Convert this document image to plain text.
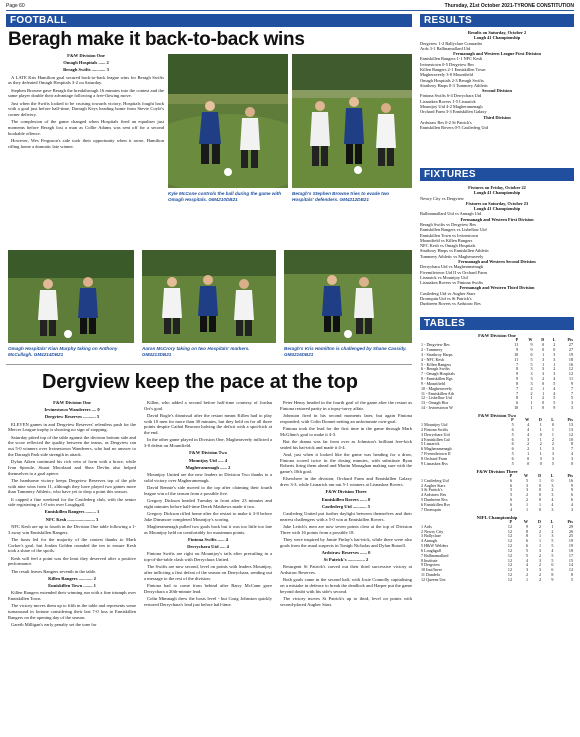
Page 60	Thursday, 21st October 2021-TYRONE CONSTITUTION
FOOTBALL
Beragh make it back-to-back wins

F&W Division One

Omagh Hospitals ...... 2

Beragh Swifts ............ 3

A LATE Kris Hamilton goal secured back-to-back league wins for Beragh Swifts as they defeated Omagh Hospitals 3-2 on Saturday.

Stephen Browne gave Beragh the breakthrough 16 minutes into the contest and the same player double their advantage following a free-flowing move.

Just when the Swifts looked to be cruising towards victory, Hospitals fought back with a goal just before half-time, Darragh Keys heading home from Stevie Coyle's corner delivery.

The complexion of the game changed when Hospitals fired an equaliser just moments before Beragh lost a man as Collie Adams was sent off for a second bookable offence.

However, Wes Ferguson's side took their opportunity when it arose, Hamilton rifling home a dramatic late winner.

Kyle McCone controls the ball during the game with Omagh Hospitals. GM4210DB21
Beragh's Stephen Browne tries to evade two Hospitals' defenders. GM4212DB21
Omagh Hospitals' Kian Murphy taking on Anthony McCullagh. GM4214DB21
Aaron McCrory taking on two Hospitals' markers. GM4213DB21
Beragh's Kris Hamilton is challenged by Shane Cassidy. GM4216DB21
Dergview keep the pace at the top

F&W Division One

Irvinestown Wanderers .... 0

Dergview Reserves ........... 5

ELEVEN games in and Dergview Reserves' relentless push for the Mercer League trophy is showing no sign of stopping.

Saturday pitted top of the table against the division bottom side and the score reflected the quality between the teams, as Dergview ran out 5-0 winners over Irvinestown Wanderers, who had no answer to the Darragh Park side strength in attack.

Dylan Aiken continued his rich vein of form with a brace, while Ivan Sproule, Stuart Moorland and Shea Devlin also helped themselves to a goal apiece.

The handsome victory keeps Dergview Reserves top of the pile with nine wins from 11, although they have played two games more than Tummery Athletic, who have yet to drop a point this season.

It capped a fine weekend for the Castlederg club, with the senior side registering a 1-0 win over Loughgall.

Enniskillen Rangers ......... 1

NFC Kesh ........................ 3

NFC Kesh are up to fourth in the Division One table following a 1-3 away win Enniskillen Rangers.

The hosts led for the majority of the contest thanks to Mark Corker's goal, but Jordan Golden rounded the ten to ensure Kesh took a share of the spoils.

Kesh will feel a point was the least they deserved after a positive performance.

The result leaves Rangers seventh in the table.

Killen Rangers ............ 2

Enniskillen Town ........ 1

Killen Rangers extended their winning run with a fine triumph over Enniskillen Town.

The victory moves them up to fifth in the table and represents some turnaround in fortune considering their last 7-0 loss to Enniskillen Rangers on the opening day of the season.

Gareth Milligan's early penalty set the tone for

Killen, who added a second before half-time courtesy of Jordan Orr's goal.

David Bogle's dismissal after the restart meant Killen had to play with 10 men for more than 30 minutes, but they held on for all three points despite Cathal Beacom halving the deficit with a spot-kick at the end.

In the other game played in Division One, Magheraveely inflicted a 3-0 defeat on Mountfield.

F&W Division Two

Mountjoy Utd ..... 4

Magheramenagh ...... 2

Mountjoy United are the new leaders in Division Two thanks to a solid victory over Magheramenagh.

David Rennie's side moved to the top after claiming their fourth league win of the season from a possible five.

Gregory Dickson headed Tuesday in front after 23 minutes and eight minutes before half-time Derek Matthews made it two.

Gregory Dickson rifled home after the restart to make it 3-0 before Jake Dinsmore completed Mountjoy's scoring.

Magheramenagh pulled two goals back but it was too little too late as Mountjoy held on comfortably for maximum points.

Fintona Swifts ...... 4

Derrychara Utd ..... 4

Fintona Swifts are right on Mountjoy's tails after prevailing in a top-of-the-table clash with Derrychara United.

The Swifts are now second, level on points with leaders Mountjoy, after inflicting a first defeat of the season on Derrychara, sending out a message to the rest of the division.

Fintona had to come from behind after Barry McCann gave Derrychara a 20th-minute lead.

Colin Mimnagh drew the hosts level - but Craig Johnston quickly restored Derrychara's lead just before half-time.

Peter Henry headed in the fourth goal of the game after the restart as Fintona restored parity in a topsy-turvy affair.

Johnston fired in his second moments later, but again Fintona responded, with Colin Donnet netting an unfortunate own-goal.

Fintona took the lead for the first time in the game through Mark McGlinn's goal to make it 4-3.

But the drama was far from over as Johnston's brilliant free-kick sealed his hat-trick and made it 4-4.

And, just when it looked like the game was heading for a draw, Fintona scored twice in the dosing minutes, with substitute Ryan Roberts firing them ahead and Martin Monaghan making sure with the game's 10th goal.

Elsewhere in the division, Orchard Farm and Enniskillen Galaxy drew 3-3, while Lisnarick ran out 5-1 winners at Lisnaskea Rovers.

F&W Division Three

Enniskillen Rovers ...... 0

Castlederg Utd ............ 5

Castlederg United put further daylight between themselves and their nearest challengers with a 5-0 win at Enniskillen Rovers.

Jake Leitch's men are now seven points clear at the top of Division Three with 16 points from a possible 18.

They were inspired by Jamie Finlay's hat-trick, while there were also goals from the usual suspects in Tonigh Nicholas and Dylan Russell.

Ardstraw Reserves ...... 0

St Patrick's ............... 2

Resurgent St Patrick's carved out their third successive victory at Ardstraw Reserves.

Both goals came in the second half, with Josie Connolly capitalising on a mistake in defence to break the deadlock and Harper put the game beyond doubt with his side's second.

The victory moves St Patrick's up to third, level on points with second-placed Augher Stars.

RESULTS

Results on Saturday, October 2

Lough 41 Championship

Dergview 1-2 Ballyclare Comrades

Ards 3-1 Ballinamallard Utd

Fermanagh and Western League First Division

Enniskillen Rangers 1-1 NFC Kesh

Irvinestown 0-5 Dergview Res

Killen Rangers 2-1 Enniskillen Town

Magheraveely 3-0 Mountfield

Omagh Hospitals 2-3 Beragh Swifts

Strathroy Harps 0-3 Tummery Athletic

Second Division

Fintona Swifts 6-4 Derrychara Utd

Lisnaskea Rovers 1-5 Lisnarick

Mountjoy Utd 4-2 Magheramenagh

Orchard Farm 3-3 Enniskillen Galaxy

Third Division

Ardstraw Res 0-2 St Patrick's

Enniskillen Rovers 0-5 Castlederg Utd

FIXTURES

Fixtures on Friday, October 22

Lough 41 Championship

Newry City vs Dergview

Fixtures on Saturday, October 23

Lough 41 Championship

Ballinamallard Utd vs Annagh Utd

Fermanagh and Western First Division

Beragh Swifts vs Dergview Res

Enniskillen Rangers vs Lisbellaw Utd

Enniskillen Town vs Irvinestown

Mountfield vs Killen Rangers

NFC Kesh vs Omagh Hospitals

Strathroy Harps vs Enniskillen Athletic

Tummery Athletic vs Magheraveely

Fermanagh and Western Second Division

Derrychara Utd vs Magheramenagh

Fivemiletown Utd II vs Orchard Farm

Lisnarick vs Mountjoy Utd

Lisnaskea Rovers vs Fintona Swifts

Fermanagh and Western Third Division

Castlederg Utd vs Augher Stars

Dromquin Utd vs St Patrick's

Dunbreen Rovers vs Ardstraw Res

TABLES
F&W Division One					
	P	W	D	L	Pts
1 - Dergview Res	11	9	0	2	27
2 - Tummery	9	9	0	0	27
3 - Strathroy Harps	10	6	1	3	19
4 - NFC Kesh	11	5	3	3	18
5 - Killen Rangers	7	5	1	1	16
6 - Beragh Swifts	8	3	3	2	12
7 - Omagh Hospitals	9	3	3	3	12
8 - Enniskillen Rgs	9	3	2	4	11
9 - Mountfield	8	3	0	5	9
10 - Magheraveely	7	2	1	4	7
11 - Enniskillen Ath	7	2	1	4	7
12 - Lisbellaw Utd	8	1	2	5	5
13 - Omagh Hos	6	1	0	5	3
14 - Irvinestown W	10	1	0	9	3
F&W Division Two					
	P	W	D	L	Pts
1 Mountjoy Utd	5	4	1	0	13
2 Fintona Swifts	6	4	1	1	13
3 Derrychara Utd	5	4	0	1	12
4 Enniskillen Gal	6	3	1	2	10
5 Lisnarick	6	2	2	2	8
6 Magheramenagh	6	2	1	3	7
7 Fivemiletown II	5	1	1	3	4
8 Orchard Farm	6	0	3	3	3
9 Lisnaskea Rvs	5	0	0	5	0
F&W Division Three					
	P	W	D	L	Pts
1 Castlederg Utd	6	5	1	0	16
2 Augher Stars	6	3	0	3	9
3 St Patrick's	5	3	0	2	9
4 Ardstraw Res	5	2	0	3	6
5 Dunbreen Rvs	6	2	0	4	6
6 Enniskillen Rvs	6	1	1	4	4
7 Dromquin	4	1	0	3	3
NIFL Championship					
	P	W	D	L	Pts
1 Ards	12	9	2	1	29
2 Newry City	12	8	2	2	26
3 Ballyclare	12	8	1	3	25
4 Annagh	12	6	1	5	19
5 H&W Welders	12	6	1	5	19
6 Loughgall	12	5	3	4	18
7 Ballinamallard	12	5	2	5	17
8 Institute	12	4	3	5	15
9 Dergview	12	4	2	6	14
10 Inst/Inver	12	3	3	6	12
11 Dundela	12	2	2	8	8
12 Queens Uni	12	1	2	9	5
